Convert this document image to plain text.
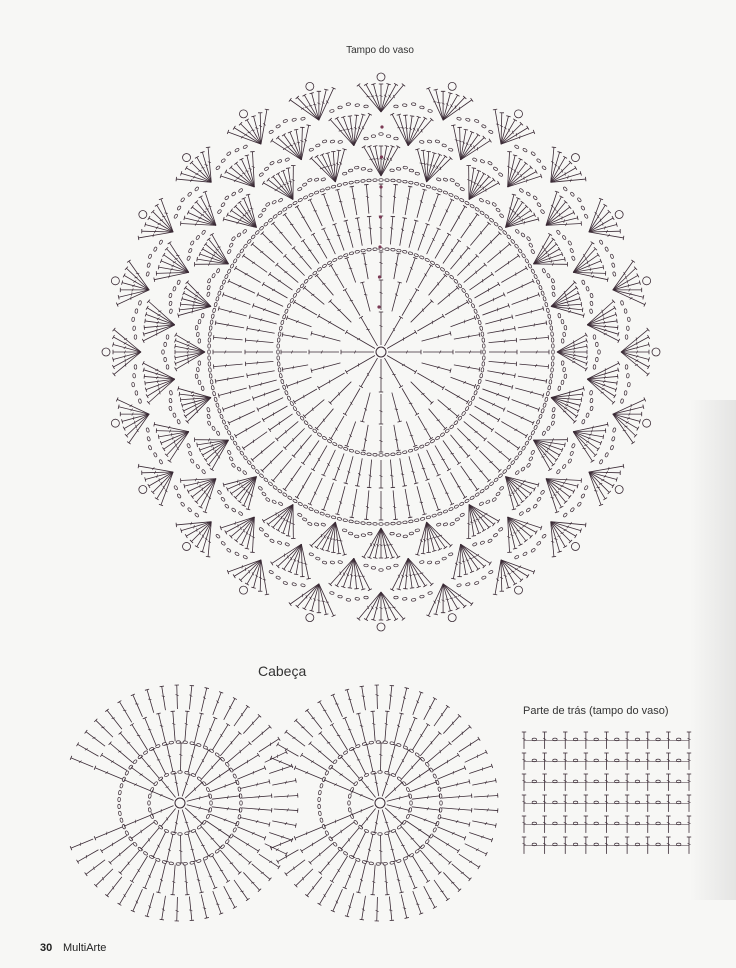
Tampo do vaso
Cabeça
Parte de trás (tampo do vaso)
30 MultiArte
